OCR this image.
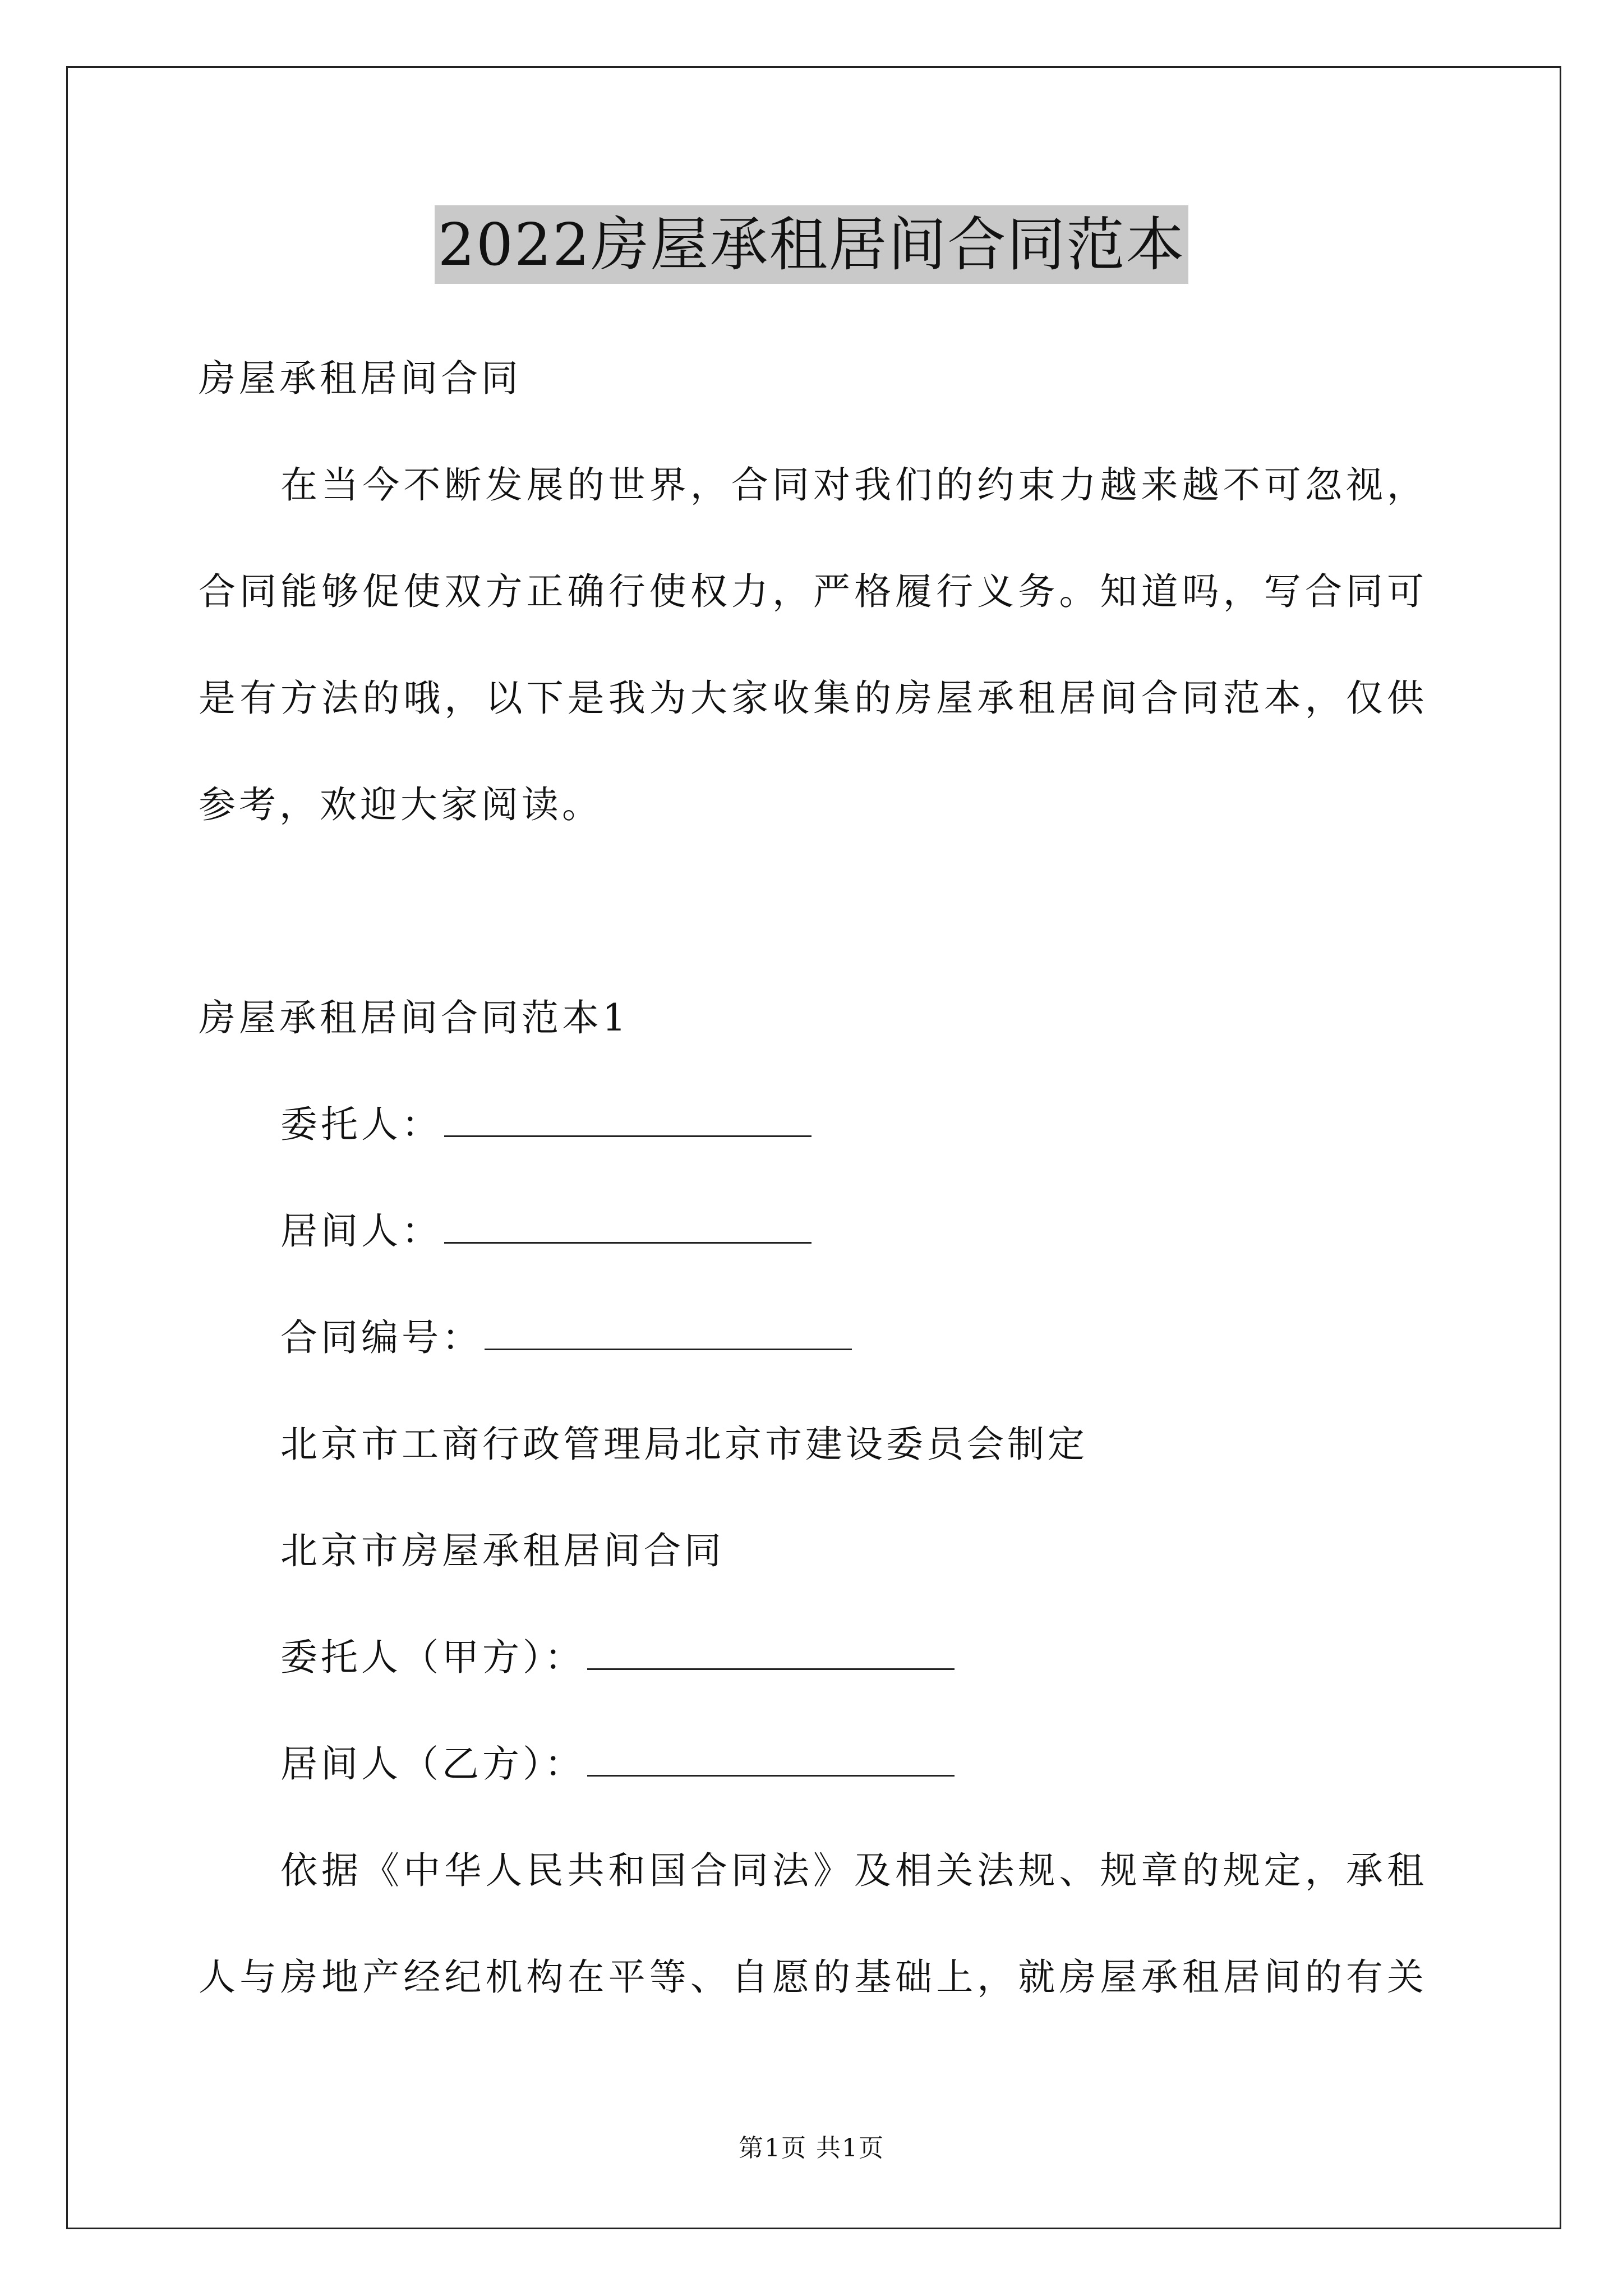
2022房屋承租居间合同范本
房屋承租居间合同
在当今不断发展的世界，合同对我们的约束力越来越不可忽视，
合同能够促使双方正确行使权力，严格履行义务。知道吗，写合同可
是有方法的哦，以下是我为大家收集的房屋承租居间合同范本，仅供
参考，欢迎大家阅读。
房屋承租居间合同范本1
委托人：
居间人：
合同编号：
北京市工商行政管理局北京市建设委员会制定
北京市房屋承租居间合同
委托人（甲方）：
居间人（乙方）：
依据《中华人民共和国合同法》及相关法规、规章的规定，承租
人与房地产经纪机构在平等、自愿的基础上，就房屋承租居间的有关
第1页 共1页
